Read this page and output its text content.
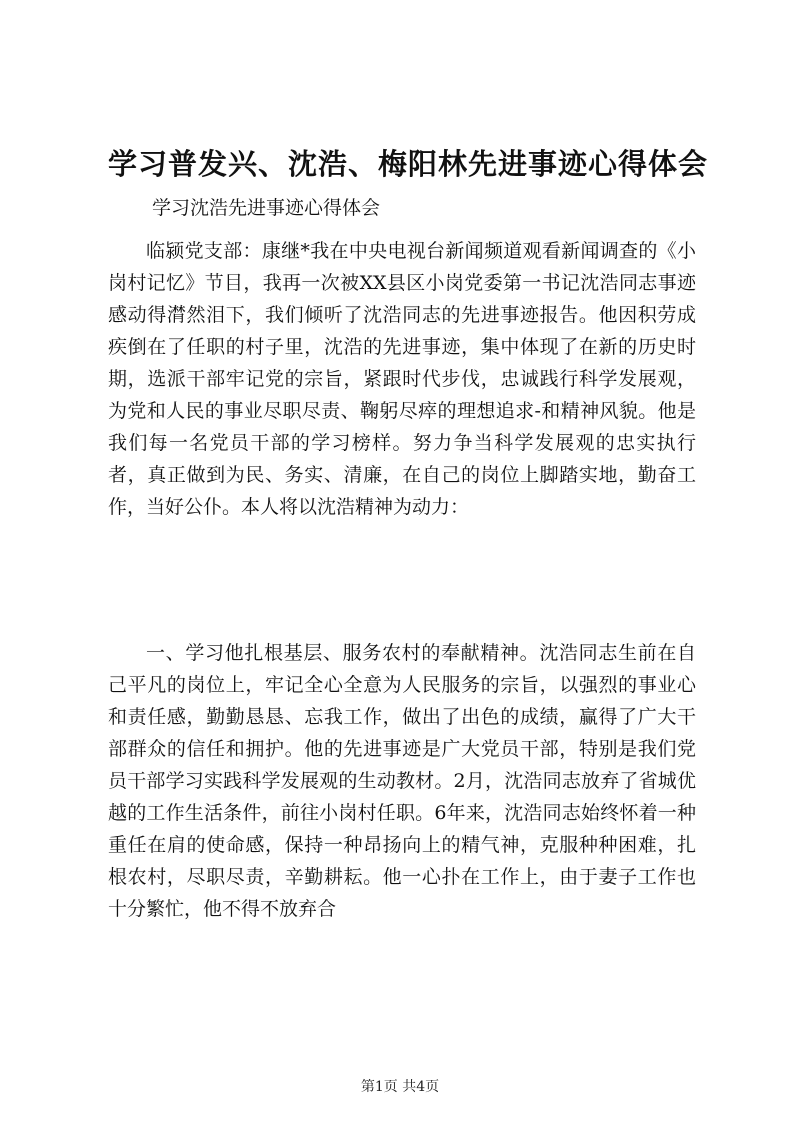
学习普发兴、沈浩、梅阳林先进事迹心得体会
学习沈浩先进事迹心得体会

临颍党支部：康继*我在中央电视台新闻频道观看新闻调查的《小岗村记忆》节目，我再一次被XX县区小岗党委第一书记沈浩同志事迹感动得潸然泪下，我们倾听了沈浩同志的先进事迹报告。他因积劳成疾倒在了任职的村子里，沈浩的先进事迹，集中体现了在新的历史时期，选派干部牢记党的宗旨，紧跟时代步伐，忠诚践行科学发展观，为党和人民的事业尽职尽责、鞠躬尽瘁的理想追求-和精神风貌。他是我们每一名党员干部的学习榜样。努力争当科学发展观的忠实执行者，真正做到为民、务实、清廉，在自己的岗位上脚踏实地，勤奋工作，当好公仆。本人将以沈浩精神为动力：

一、学习他扎根基层、服务农村的奉献精神。沈浩同志生前在自己平凡的岗位上，牢记全心全意为人民服务的宗旨，以强烈的事业心和责任感，勤勤恳恳、忘我工作，做出了出色的成绩，赢得了广大干部群众的信任和拥护。他的先进事迹是广大党员干部，特别是我们党员干部学习实践科学发展观的生动教材。2月，沈浩同志放弃了省城优越的工作生活条件，前往小岗村任职。6年来，沈浩同志始终怀着一种重任在肩的使命感，保持一种昂扬向上的精气神，克服种种困难，扎根农村，尽职尽责，辛勤耕耘。他一心扑在工作上，由于妻子工作也十分繁忙，他不得不放弃合

第1页 共4页
